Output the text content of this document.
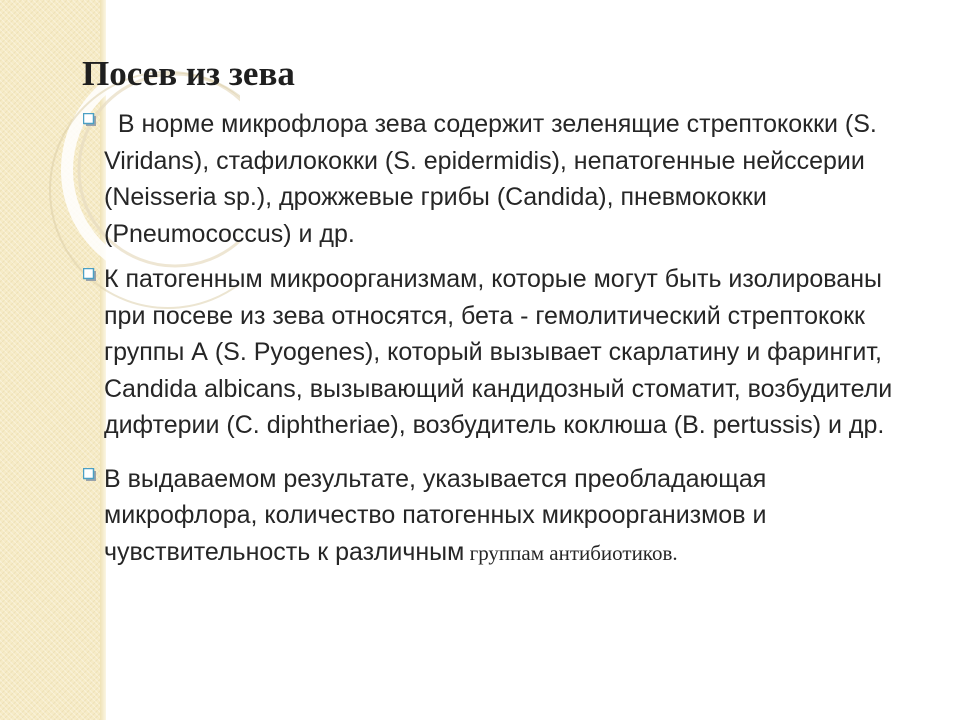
Посев из зева
В норме микрофлора зева содержит зеленящие стрептококки (S. Viridans), стафилококки (S. epidermidis), непатогенные нейссерии (Neisseria sp.), дрожжевые грибы (Candida), пневмококки (Pneumococcus) и др.
К патогенным микроорганизмам, которые могут быть изолированы при посеве из зева относятся, бета - гемолитический стрептококк группы А (S. Pyogenes), который вызывает скарлатину и фарингит, Candida albicans, вызывающий кандидозный стоматит, возбудители дифтерии (C. diphtheriae), возбудитель коклюша (B. pertussis) и др.
В выдаваемом результате, указывается преобладающая микрофлора, количество патогенных микроорганизмов и чувствительность к различным группам антибиотиков.
